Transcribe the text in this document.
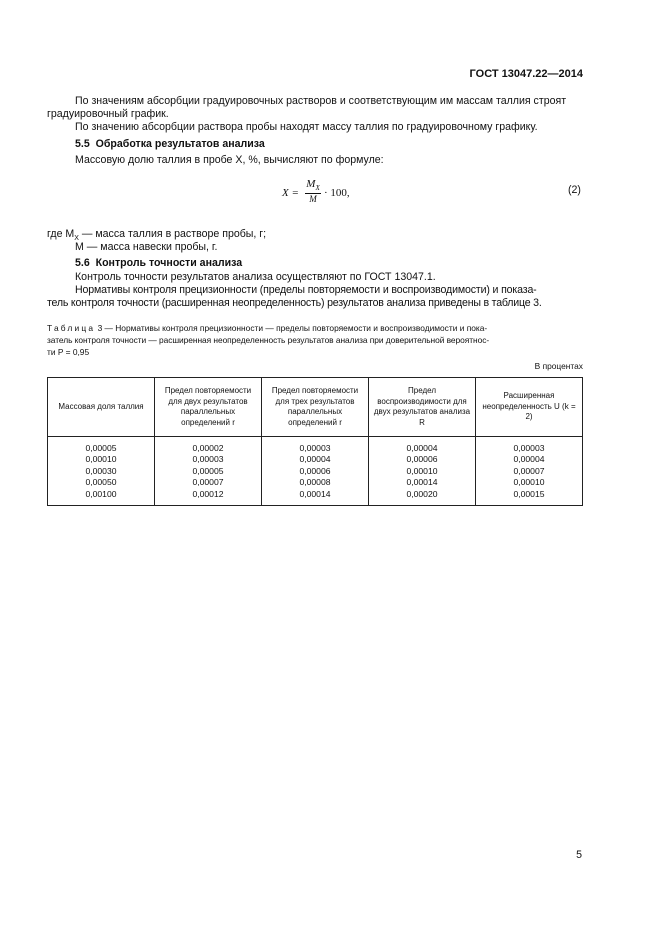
ГОСТ 13047.22—2014
По значениям абсорбции градуировочных растворов и соответствующим им массам таллия строят
градуировочный график.
По значению абсорбции раствора пробы находят массу таллия по градуировочному графику.
5.5 Обработка результатов анализа
Массовую долю таллия в пробе X, %, вычисляют по формуле:
X =
$M_X$
M
· 100,	(2)
где $M_X$ — масса таллия в растворе пробы, г;
M — масса навески пробы, г.
5.6 Контроль точности анализа
Контроль точности результатов анализа осуществляют по ГОСТ 13047.1.
Нормативы контроля прецизионности (пределы повторяемости и воспроизводимости) и показа-
тель контроля точности (расширенная неопределенность) результатов анализа приведены в таблице 3.
Таблица 3 — Нормативы контроля прецизионности — пределы повторяемости и воспроизводимости и пока-
затель контроля точности — расширенная неопределенность результатов анализа при доверительной вероятнос-
ти P = 0,95
В процентах
Массовая доля таллия	Предел повторяемости для двух результатов параллельных определений r	Предел повторяемости для трех результатов параллельных определений r	Предел воспроизводимости для двух результатов анализа R	Расширенная неопределенность U (k = 2)
0,00005	0,00002	0,00003	0,00004	0,00003
0,00010	0,00003	0,00004	0,00006	0,00004
0,00030	0,00005	0,00006	0,00010	0,00007
0,00050	0,00007	0,00008	0,00014	0,00010
0,00100	0,00012	0,00014	0,00020	0,00015
5
